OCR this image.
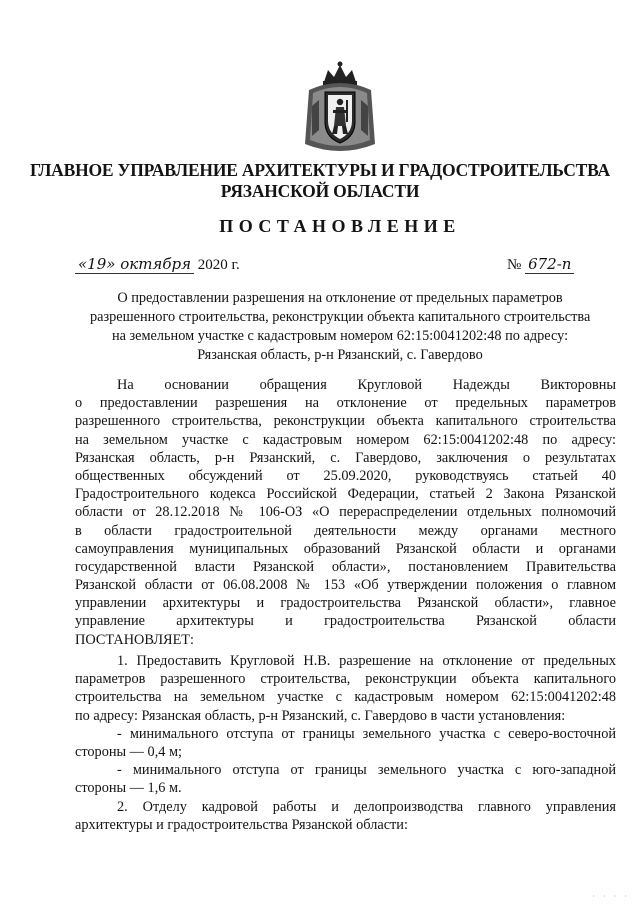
ГЛАВНОЕ УПРАВЛЕНИЕ АРХИТЕКТУРЫ И ГРАДОСТРОИТЕЛЬСТВА
РЯЗАНСКОЙ ОБЛАСТИ
ПОСТАНОВЛЕНИЕ
«19» октября 2020 г.	№ 672-п
О предоставлении разрешения на отклонение от предельных параметров
разрешенного строительства, реконструкции объекта капитального строительства
на земельном участке с кадастровым номером 62:15:0041202:48 по адресу:
Рязанская область, р-н Рязанский, с. Гавердово
На основании обращения Кругловой Надежды Викторовны
о предоставлении разрешения на отклонение от предельных параметров
разрешенного строительства, реконструкции объекта капитального строительства
на земельном участке с кадастровым номером 62:15:0041202:48 по адресу:
Рязанская область, р-н Рязанский, с. Гавердово, заключения о результатах
общественных обсуждений от 25.09.2020, руководствуясь статьей 40
Градостроительного кодекса Российской Федерации, статьей 2 Закона Рязанской
области от 28.12.2018 № 106-ОЗ «О перераспределении отдельных полномочий
в области градостроительной деятельности между органами местного
самоуправления муниципальных образований Рязанской области и органами
государственной власти Рязанской области», постановлением Правительства
Рязанской области от 06.08.2008 № 153 «Об утверждении положения о главном
управлении архитектуры и градостроительства Рязанской области», главное
управление архитектуры и градостроительства Рязанской области
ПОСТАНОВЛЯЕТ:
1. Предоставить Кругловой Н.В. разрешение на отклонение от предельных
параметров разрешенного строительства, реконструкции объекта капитального
строительства на земельном участке с кадастровым номером 62:15:0041202:48
по адресу: Рязанская область, р-н Рязанский, с. Гавердово в части установления:
- минимального отступа от границы земельного участка с северо-восточной
стороны — 0,4 м;
- минимального отступа от границы земельного участка с юго-западной
стороны — 1,6 м.
2. Отделу кадровой работы и делопроизводства главного управления
архитектуры и градостроительства Рязанской области:
· · · ·
